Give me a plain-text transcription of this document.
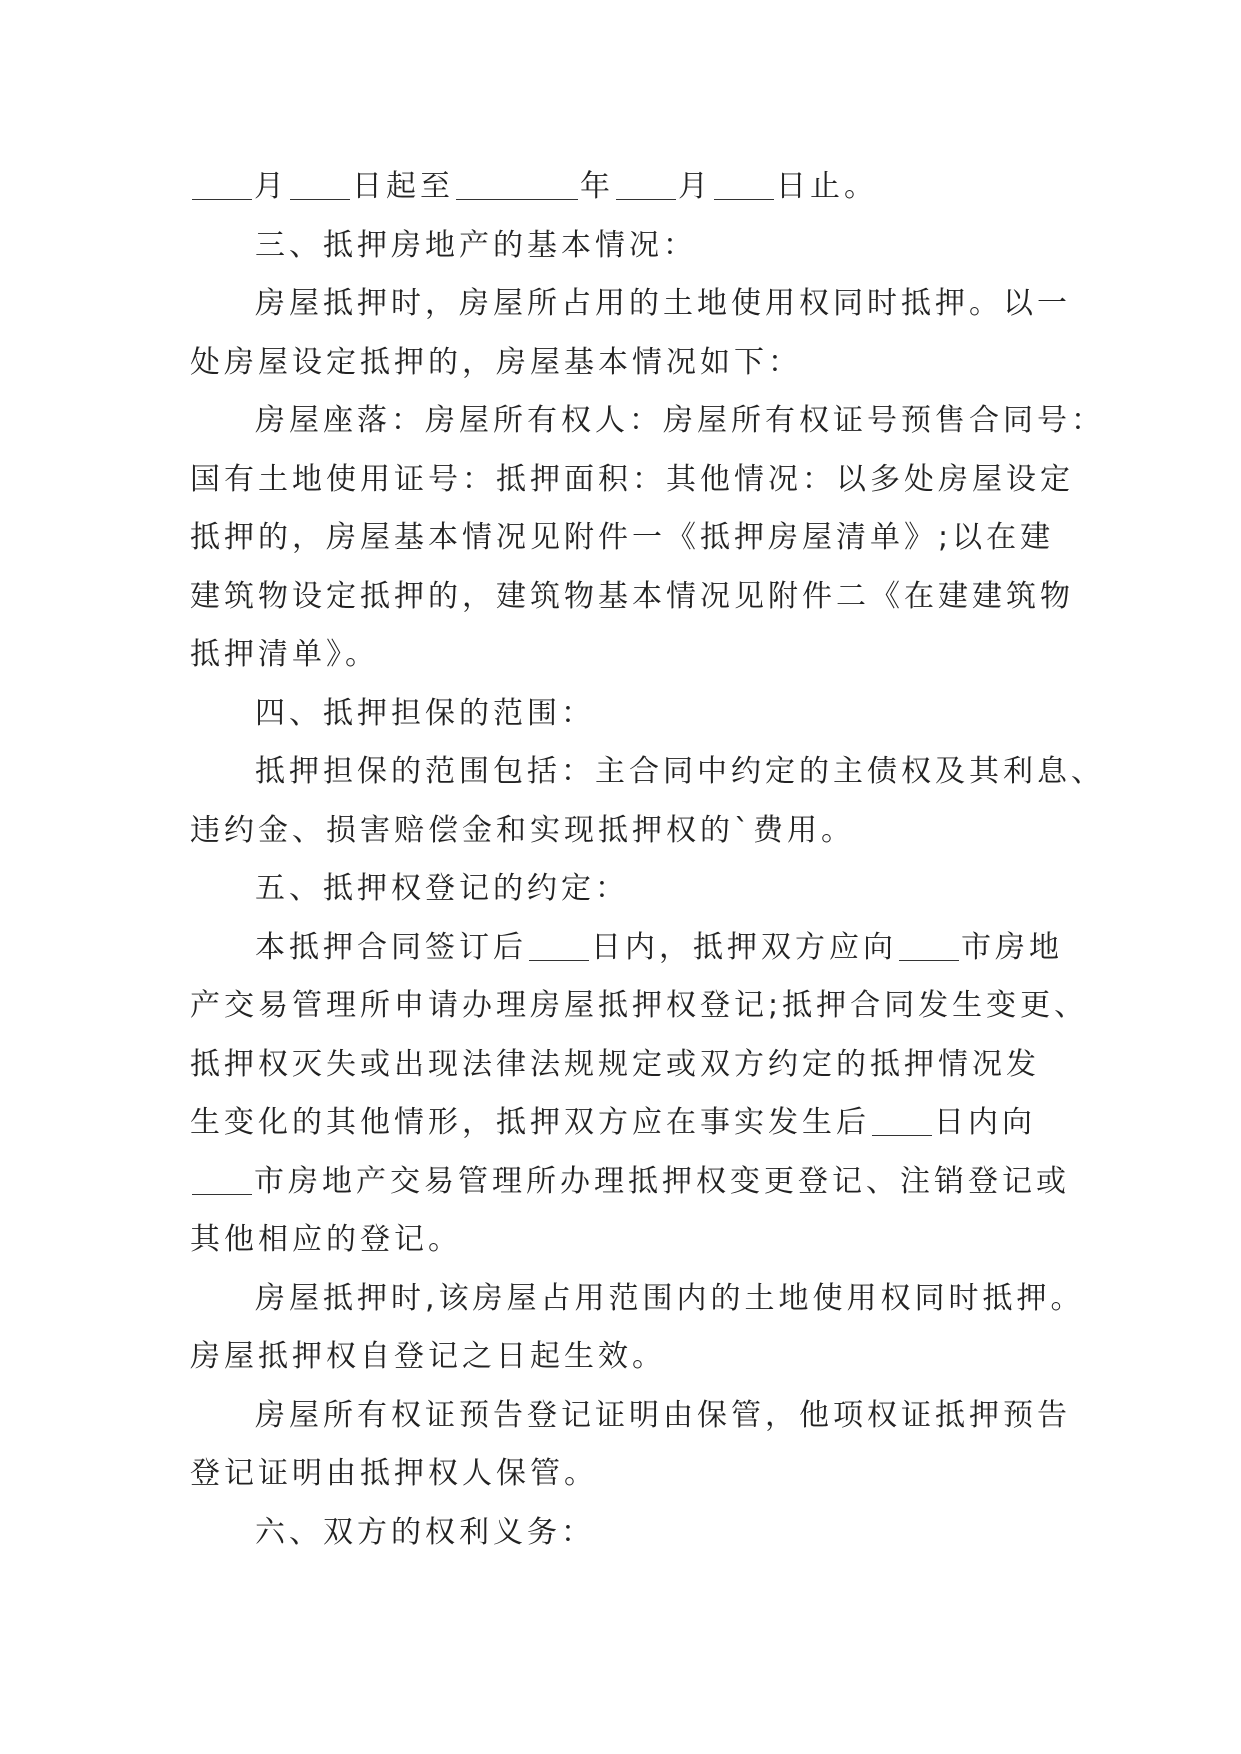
月 日起至	年 月 日止。
三、抵押房地产的基本情况：
房屋抵押时，房屋所占用的土地使用权同时抵押。以一
处房屋设定抵押的，房屋基本情况如下：
房屋座落：房屋所有权人：房屋所有权证号预售合同号：
国有土地使用证号：抵押面积：其他情况：以多处房屋设定
抵押的，房屋基本情况见附件一《抵押房屋清单》;以在建
建筑物设定抵押的，建筑物基本情况见附件二《在建建筑物
抵押清单》。
四、抵押担保的范围：
抵押担保的范围包括：主合同中约定的主债权及其利息、
违约金、损害赔偿金和实现抵押权的`费用。
五、抵押权登记的约定：
本抵押合同签订后 日内，抵押双方应向 市房地
产交易管理所申请办理房屋抵押权登记;抵押合同发生变更、
抵押权灭失或出现法律法规规定或双方约定的抵押情况发
生变化的其他情形，抵押双方应在事实发生后 日内向
市房地产交易管理所办理抵押权变更登记、注销登记或
其他相应的登记。
房屋抵押时,该房屋占用范围内的土地使用权同时抵押。
房屋抵押权自登记之日起生效。
房屋所有权证预告登记证明由保管，他项权证抵押预告
登记证明由抵押权人保管。
六、双方的权利义务：
